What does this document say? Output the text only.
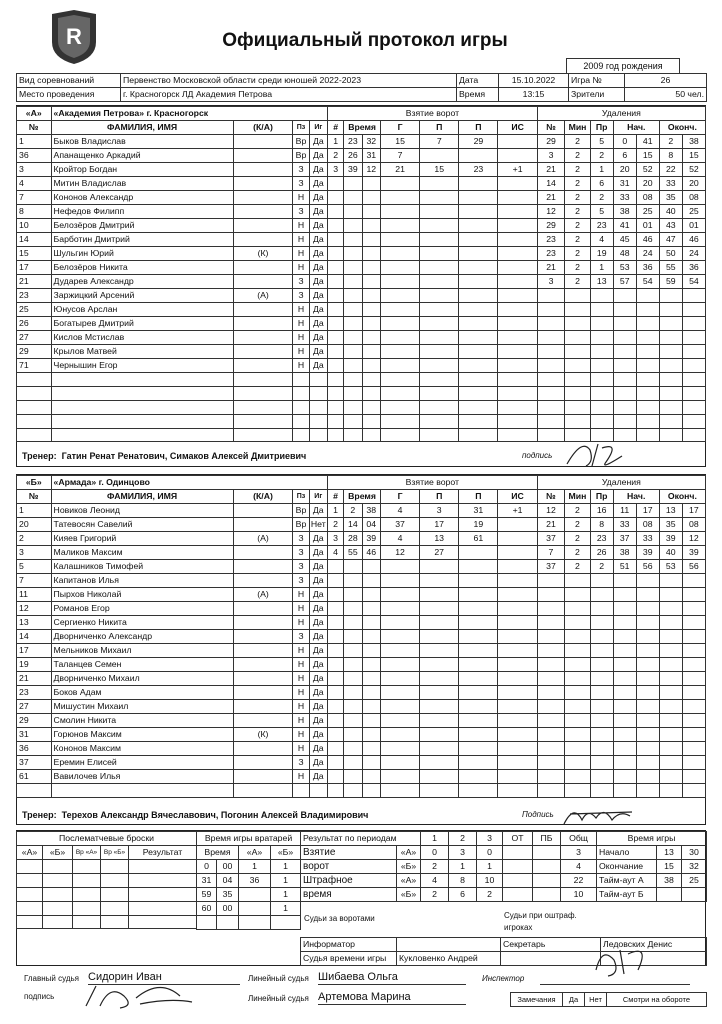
R	Официальный протокол игры
2009 год рождения
Вид соревнований	Первенство Московской области среди юношей 2022-2023	Дата	15.10.2022	Игра №	26
Место проведения	г. Красногорск ЛД Академия Петрова	Время	13:15	Зрители	50 чел.
«А»	«Академия Петрова» г. Красногорск				Взятие ворот							Удаления						
№	ФАМИЛИЯ, ИМЯ	(К/А)	Пз	Иг	#	Время		Г	П	П	ИС	№	Мин	Пр	Нач.		Оконч.	
1	Быков Владислав		Вр	Да	1	23	32	15	7	29		29	2	5	0	41	2	38
36	Апанащенко Аркадий		Вр	Да	2	26	31	7				3	2	2	6	15	8	15
3	Кройтор Богдан		З	Да	3	39	12	21	15	23	+1	21	2	1	20	52	22	52
4	Митин Владислав		З	Да								14	2	6	31	20	33	20
7	Кононов Александр		Н	Да								21	2	2	33	08	35	08
8	Нефедов Филипп		З	Да								12	2	5	38	25	40	25
10	Белозёров Дмитрий		Н	Да								29	2	23	41	01	43	01
14	Барботин Дмитрий		Н	Да								23	2	4	45	46	47	46
15	Шульгин Юрий	(К)	Н	Да								23	2	19	48	24	50	24
17	Белозёров Никита		Н	Да								21	2	1	53	36	55	36
21	Дударев Александр		З	Да								3	2	13	57	54	59	54
23	Заржицкий Арсений	(А)	З	Да														
25	Юнусов Арслан		Н	Да														
26	Богатырев Дмитрий		Н	Да														
27	Кислов Мстислав		Н	Да														
29	Крылов Матвей		Н	Да														
71	Чернышин Егор		Н	Да														

Тренер: Гатин Ренат Ренатович, Симаков Алексей Дмитриевич	подпись
«Б»	«Армада» г. Одинцово				Взятие ворот							Удаления						
№	ФАМИЛИЯ, ИМЯ	(К/А)	Пз	Иг	#	Время		Г	П	П	ИС	№	Мин	Пр	Нач.		Оконч.	
1	Новиков Леонид		Вр	Да	1	2	38	4	3	31	+1	12	2	16	11	17	13	17
20	Татевосян Савелий		Вр	Нет	2	14	04	37	17	19		21	2	8	33	08	35	08
2	Кияев Григорий	(А)	З	Да	3	28	39	4	13	61		37	2	23	37	33	39	12
3	Маликов Максим		З	Да	4	55	46	12	27			7	2	26	38	39	40	39
5	Калашников Тимофей		З	Да								37	2	2	51	56	53	56
7	Капитанов Илья		З	Да														
11	Пырхов Николай	(А)	Н	Да														
12	Романов Егор		Н	Да														
13	Сергиенко Никита		Н	Да														
14	Дворниченко Александр		З	Да														
17	Мельников Михаил		Н	Да														
19	Таланцев Семен		Н	Да														
21	Дворниченко Михаил		Н	Да														
23	Боков Адам		Н	Да														
27	Мишустин Михаил		Н	Да														
29	Смолин Никита		Н	Да														
31	Горюнов Максим	(К)	Н	Да														
36	Кононов Максим		Н	Да														
37	Еремин Елисей		З	Да														
61	Вавилочев Илья		Н	Да														

Тренер: Терехов Александр Вячеславович, Погонин Алексей Владимирович	Подпись
Послематчевые броски				
«А»	«Б»	Вр «А»	Вр «Б»	Результат

Время игры вратарей			
Время		«А»	«Б»
0	00	1	1
31	04	36	1
59	35		1
60	00		1

Результат по периодам		1	2	3	ОТ	ПБ	Общ
Взятие	«А»	0	3	0			3
ворот	«Б»	2	1	1			4
Штрафное	«А»	4	8	10			22
время	«Б»	2	6	2			10
Время игры		
Начало	13	30
Окончание	15	32
Тайм-аут А	38	25
Тайм-аут Б		
Судьи за воротами	Судьи при оштраф. игроках
Информатор		Секретарь	Ледовских Денис
Судья времени игры	Кукловенко Андрей		
Главный судья Сидорин Иван
подпись
Линейный судья Шибаева Ольга
Линейный судья Артемова Марина
Инспектор
Замечания	Да	Нет	Смотри на обороте
